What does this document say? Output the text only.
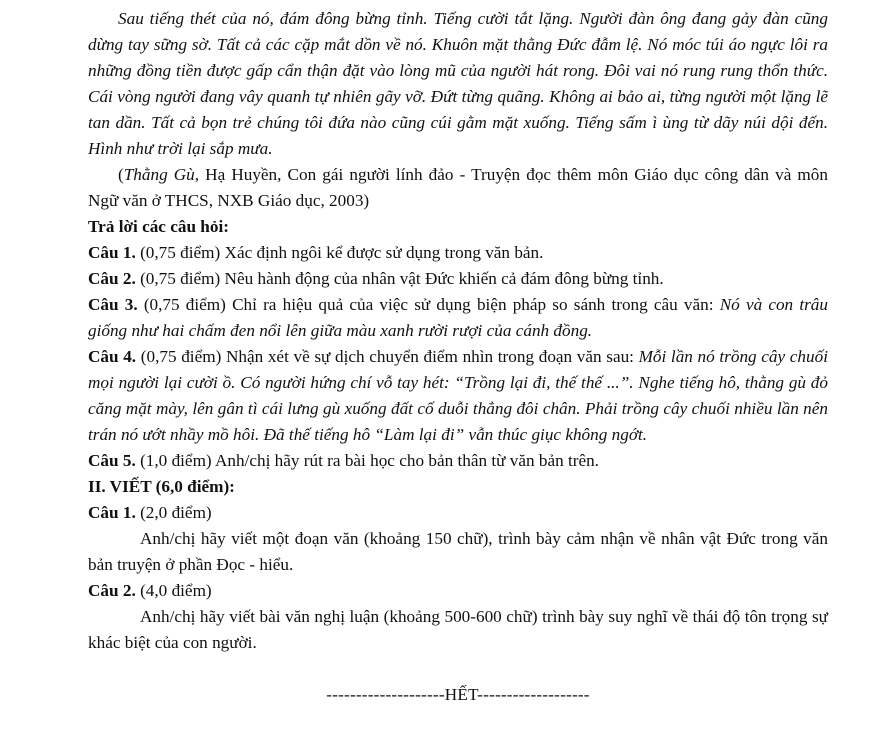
Sau tiếng thét của nó, đám đông bừng tỉnh. Tiếng cười tắt lặng. Người đàn ông đang gảy đàn cũng dừng tay sững sờ. Tất cả các cặp mắt dồn về nó. Khuôn mặt thằng Đức đẫm lệ. Nó móc túi áo ngực lôi ra những đồng tiền được gấp cẩn thận đặt vào lòng mũ của người hát rong. Đôi vai nó rung rung thổn thức. Cái vòng người đang vây quanh tự nhiên gãy vỡ. Đứt từng quãng. Không ai bảo ai, từng người một lặng lẽ tan dần. Tất cả bọn trẻ chúng tôi đứa nào cũng cúi gằm mặt xuống. Tiếng sấm ì ùng từ dãy núi dội đến. Hình như trời lại sắp mưa.

(Thằng Gù, Hạ Huyền, Con gái người lính đảo - Truyện đọc thêm môn Giáo dục công dân và môn Ngữ văn ở THCS, NXB Giáo dục, 2003)

Trả lời các câu hỏi:

Câu 1. (0,75 điểm) Xác định ngôi kể được sử dụng trong văn bản.

Câu 2. (0,75 điểm) Nêu hành động của nhân vật Đức khiến cả đám đông bừng tỉnh.

Câu 3. (0,75 điểm) Chỉ ra hiệu quả của việc sử dụng biện pháp so sánh trong câu văn: Nó và con trâu giống như hai chấm đen nổi lên giữa màu xanh rười rượi của cánh đồng.

Câu 4. (0,75 điểm) Nhận xét về sự dịch chuyển điểm nhìn trong đoạn văn sau: Mỗi lần nó trồng cây chuối mọi người lại cười ồ. Có người hứng chí vỗ tay hét: “Trồng lại đi, thế thế ...”. Nghe tiếng hô, thằng gù đỏ căng mặt mày, lên gân tì cái lưng gù xuống đất cố duỗi thẳng đôi chân. Phải trồng cây chuối nhiều lần nên trán nó ướt nhầy mồ hôi. Đã thế tiếng hô “Làm lại đi” vẫn thúc giục không ngớt.

Câu 5. (1,0 điểm) Anh/chị hãy rút ra bài học cho bản thân từ văn bản trên.

II. VIẾT (6,0 điểm):

Câu 1. (2,0 điểm)

Anh/chị hãy viết một đoạn văn (khoảng 150 chữ), trình bày cảm nhận về nhân vật Đức trong văn bản truyện ở phần Đọc - hiểu.

Câu 2. (4,0 điểm)

Anh/chị hãy viết bài văn nghị luận (khoảng 500-600 chữ) trình bày suy nghĩ về thái độ tôn trọng sự khác biệt của con người.

--------------------HẾT-------------------
